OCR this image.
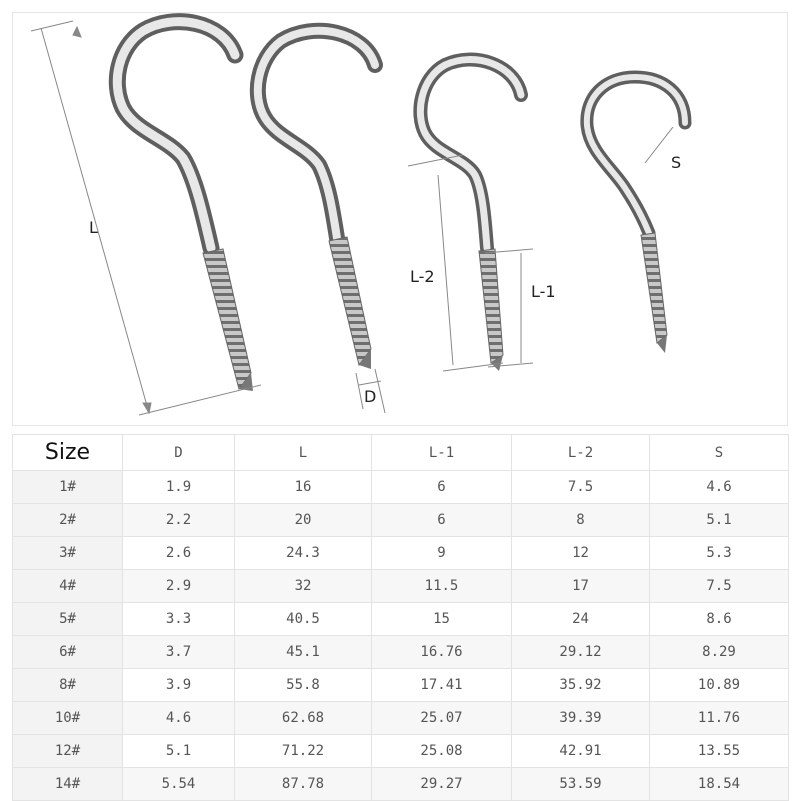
L
D
L-2
L-1
S
Size	D	L	L-1	L-2	S
1#	1.9	16	6	7.5	4.6
2#	2.2	20	6	8	5.1
3#	2.6	24.3	9	12	5.3
4#	2.9	32	11.5	17	7.5
5#	3.3	40.5	15	24	8.6
6#	3.7	45.1	16.76	29.12	8.29
8#	3.9	55.8	17.41	35.92	10.89
10#	4.6	62.68	25.07	39.39	11.76
12#	5.1	71.22	25.08	42.91	13.55
14#	5.54	87.78	29.27	53.59	18.54
